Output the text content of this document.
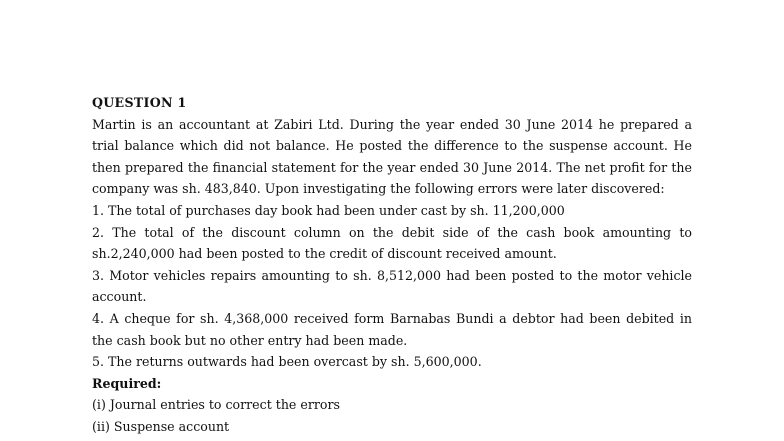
QUESTION 1

Martin is an accountant at Zabiri Ltd. During the year ended 30 June 2014 he prepared a trial balance which did not balance. He posted the difference to the suspense account. He then prepared the financial statement for the year ended 30 June 2014. The net profit for the company was sh. 483,840. Upon investigating the following errors were later discovered:

1. The total of purchases day book had been under cast by sh. 11,200,000

2. The total of the discount column on the debit side of the cash book amounting to sh.2,240,000 had been posted to the credit of discount received amount.

3. Motor vehicles repairs amounting to sh. 8,512,000 had been posted to the motor vehicle account.

4. A cheque for sh. 4,368,000 received form Barnabas Bundi a debtor had been debited in the cash book but no other entry had been made.

5. The returns outwards had been overcast by sh. 5,600,000.

Required:

(i) Journal entries to correct the errors

(ii) Suspense account
